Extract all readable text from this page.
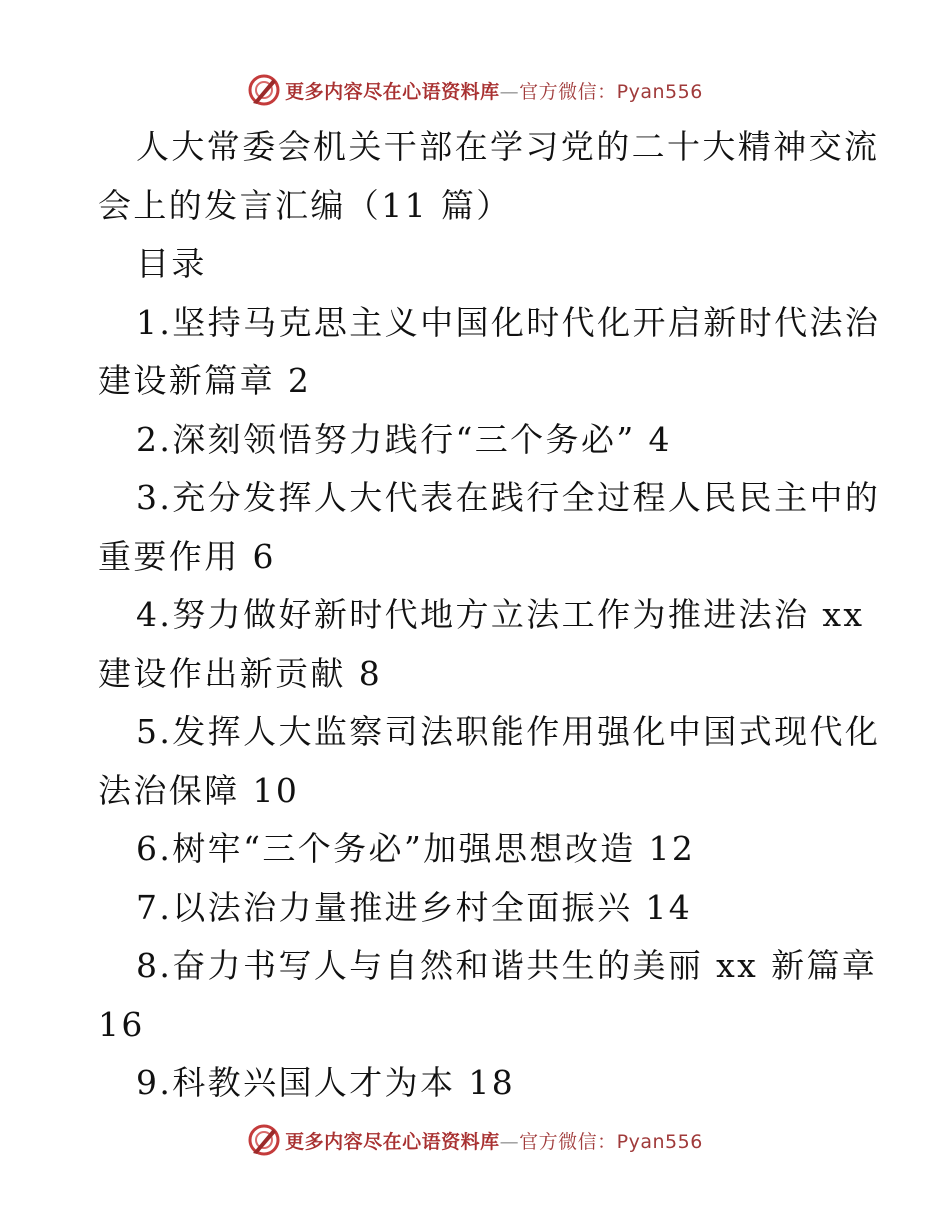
更多内容尽在心语资料库—官方微信：Pyan556
人大常委会机关干部在学习党的二十大精神交流
会上的发言汇编（11 篇）
目录
1.坚持马克思主义中国化时代化开启新时代法治
建设新篇章 2
2.深刻领悟努力践行“三个务必” 4
3.充分发挥人大代表在践行全过程人民民主中的
重要作用 6
4.努力做好新时代地方立法工作为推进法治 xx
建设作出新贡献 8
5.发挥人大监察司法职能作用强化中国式现代化
法治保障 10
6.树牢“三个务必”加强思想改造 12
7.以法治力量推进乡村全面振兴 14
8.奋力书写人与自然和谐共生的美丽 xx 新篇章
16
9.科教兴国人才为本 18
更多内容尽在心语资料库—官方微信：Pyan556
